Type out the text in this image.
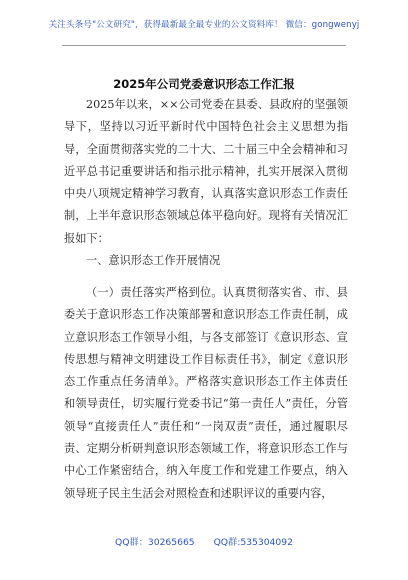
关注头条号"公文研究"，获得最新最全最专业的公文资料库！ 微信：gongwenyj
2025年公司党委意识形态工作汇报

2025年以来，××公司党委在县委、县政府的坚强领导下，坚持以习近平新时代中国特色社会主义思想为指导，全面贯彻落实党的二十大、二十届三中全会精神和习近平总书记重要讲话和指示批示精神，扎实开展深入贯彻中央八项规定精神学习教育，认真落实意识形态工作责任制，上半年意识形态领域总体平稳向好。现将有关情况汇报如下：

一、意识形态工作开展情况

（一）责任落实严格到位。认真贯彻落实省、市、县委关于意识形态工作决策部署和意识形态工作责任制，成立意识形态工作领导小组，与各支部签订《意识形态、宣传思想与精神文明建设工作目标责任书》，制定《意识形态工作重点任务清单》。严格落实意识形态工作主体责任和领导责任，切实履行党委书记“第一责任人”责任，分管领导“直接责任人”责任和“一岗双责”责任，通过履职尽责、定期分析研判意识形态领域工作，将意识形态工作与中心工作紧密结合，纳入年度工作和党建工作要点，纳入领导班子民主生活会对照检查和述职评议的重要内容，

QQ群：30265665 QQ群:535304092
